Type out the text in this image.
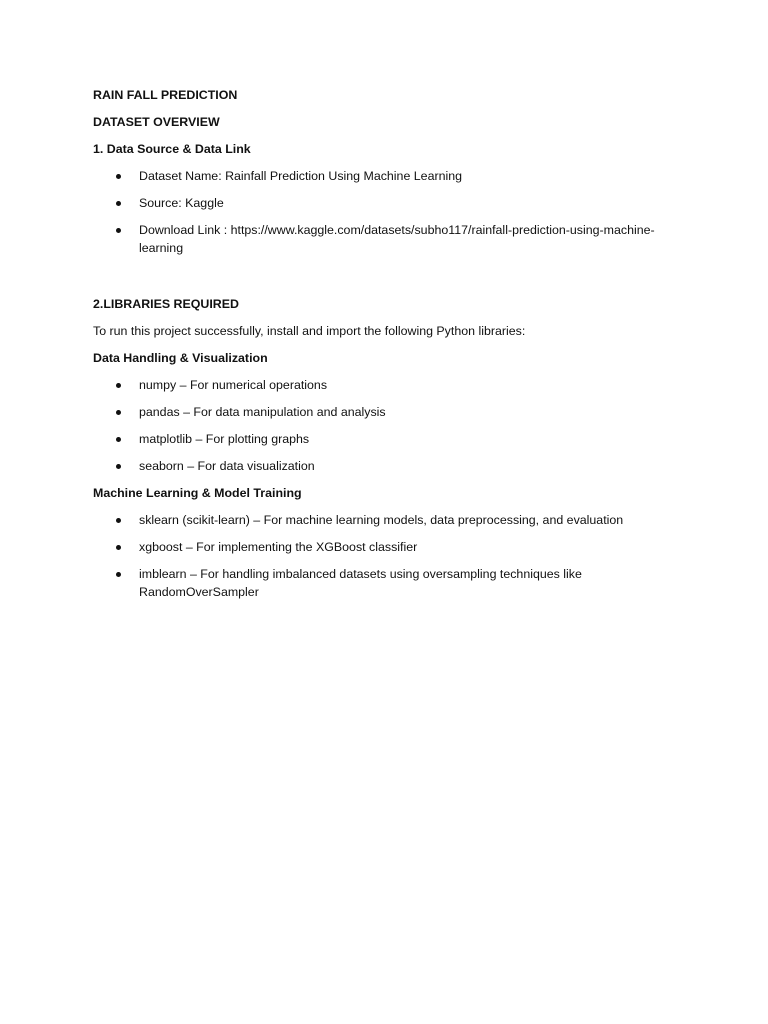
RAIN FALL PREDICTION

DATASET OVERVIEW

1. Data Source & Data Link

Dataset Name: Rainfall Prediction Using Machine Learning
Source: Kaggle
Download Link : https://www.kaggle.com/datasets/subho117/rainfall-prediction-using-machine-learning

2.LIBRARIES REQUIRED

To run this project successfully, install and import the following Python libraries:

Data Handling & Visualization

numpy – For numerical operations
pandas – For data manipulation and analysis
matplotlib – For plotting graphs
seaborn – For data visualization

Machine Learning & Model Training

sklearn (scikit-learn) – For machine learning models, data preprocessing, and evaluation
xgboost – For implementing the XGBoost classifier
imblearn – For handling imbalanced datasets using oversampling techniques like RandomOverSampler
